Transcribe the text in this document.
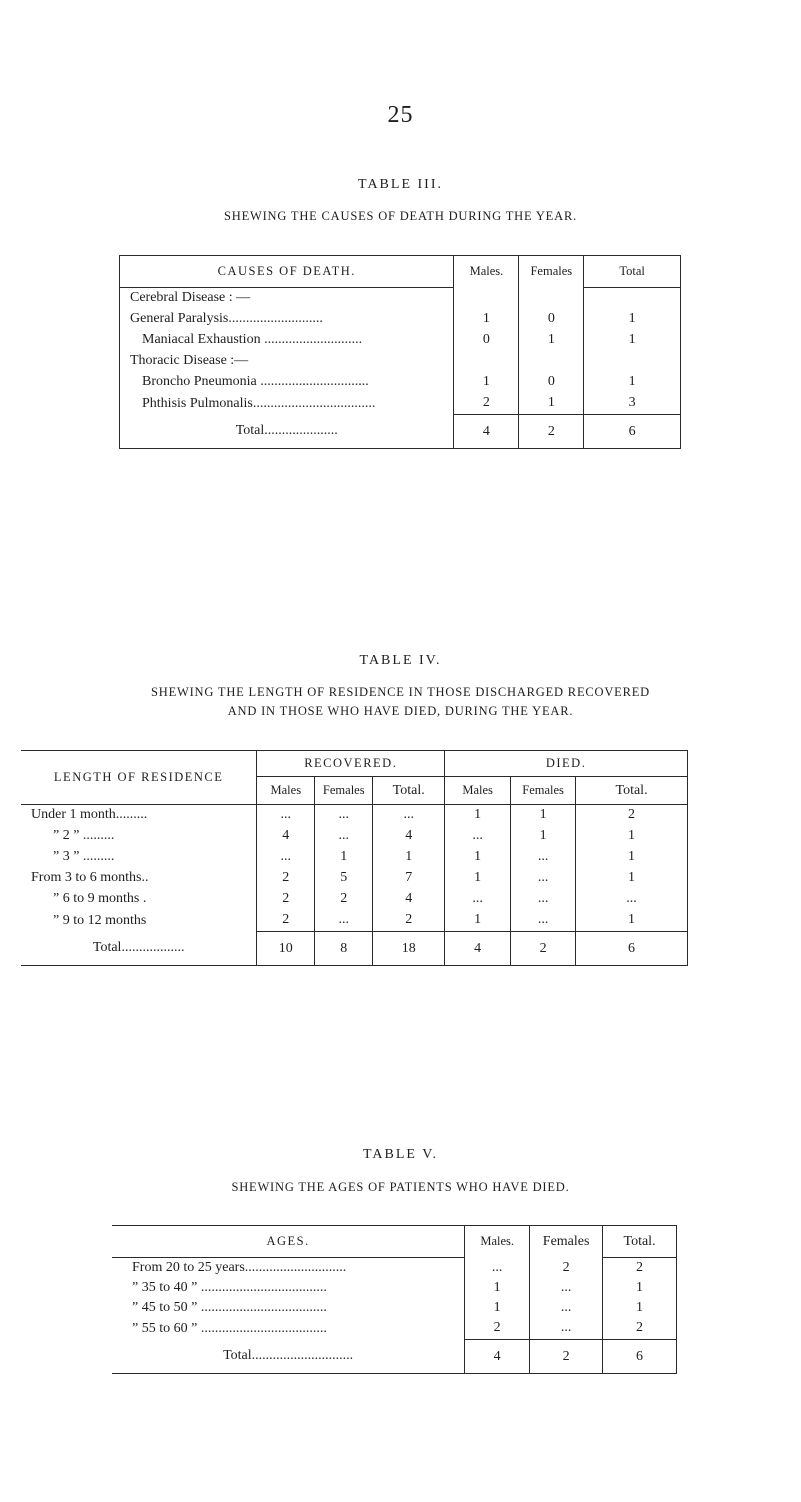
25
TABLE III.
SHEWING THE CAUSES OF DEATH DURING THE YEAR.
CAUSES OF DEATH.	Males.	Females	Total
Cerebral Disease : —			
General Paralysis...........................	1	0	1
Maniacal Exhaustion ............................	0	1	1
Thoracic Disease :—			
Broncho Pneumonia ...............................	1	0	1
Phthisis Pulmonalis...................................	2	1	3
Total.....................	4	2	6
TABLE IV.
SHEWING THE LENGTH OF RESIDENCE IN THOSE DISCHARGED RECOVERED
AND IN THOSE WHO HAVE DIED, DURING THE YEAR.
LENGTH OF RESIDENCE	RECOVERED.			DIED.		
	Males	Females	Total.	Males	Females	Total.
Under 1 month.........	...	...	...	1	1	2
” 2 ” .........	4	...	4	...	1	1
” 3 ” .........	...	1	1	1	...	1
From 3 to 6 months..	2	5	7	1	...	1
” 6 to 9 months .	2	2	4	...	...	...
” 9 to 12 months	2	...	2	1	...	1
Total..................	10	8	18	4	2	6
TABLE V.
SHEWING THE AGES OF PATIENTS WHO HAVE DIED.
AGES.	Males.	Females	Total.
From 20 to 25 years.............................	...	2	2
” 35 to 40 ” ....................................	1	...	1
” 45 to 50 ” ....................................	1	...	1
” 55 to 60 ” ....................................	2	...	2
Total.............................	4	2	6
